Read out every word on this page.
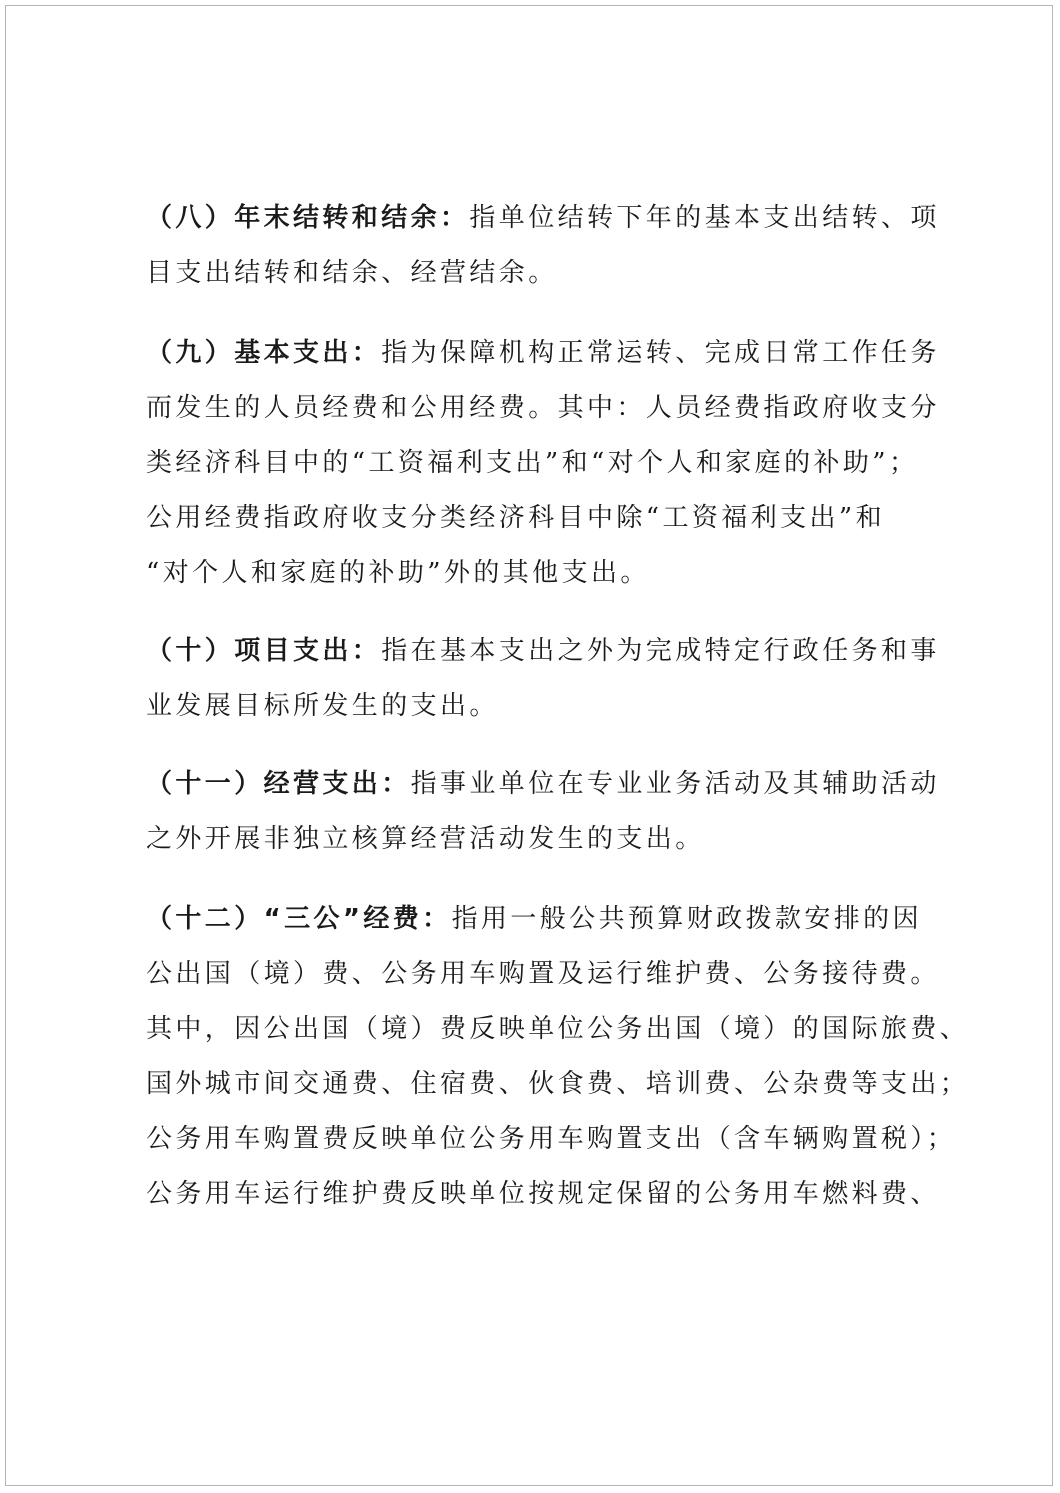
（八）年末结转和结余：指单位结转下年的基本支出结转、项
目支出结转和结余、经营结余。
（九）基本支出：指为保障机构正常运转、完成日常工作任务
而发生的人员经费和公用经费。其中：人员经费指政府收支分
类经济科目中的“工资福利支出”和“对个人和家庭的补助”；
公用经费指政府收支分类经济科目中除“工资福利支出”和
“对个人和家庭的补助”外的其他支出。
（十）项目支出：指在基本支出之外为完成特定行政任务和事
业发展目标所发生的支出。
（十一）经营支出：指事业单位在专业业务活动及其辅助活动
之外开展非独立核算经营活动发生的支出。
（十二）“三公”经费：指用一般公共预算财政拨款安排的因
公出国（境）费、公务用车购置及运行维护费、公务接待费。
其中，因公出国（境）费反映单位公务出国（境）的国际旅费、
国外城市间交通费、住宿费、伙食费、培训费、公杂费等支出；
公务用车购置费反映单位公务用车购置支出（含车辆购置税）；
公务用车运行维护费反映单位按规定保留的公务用车燃料费、
